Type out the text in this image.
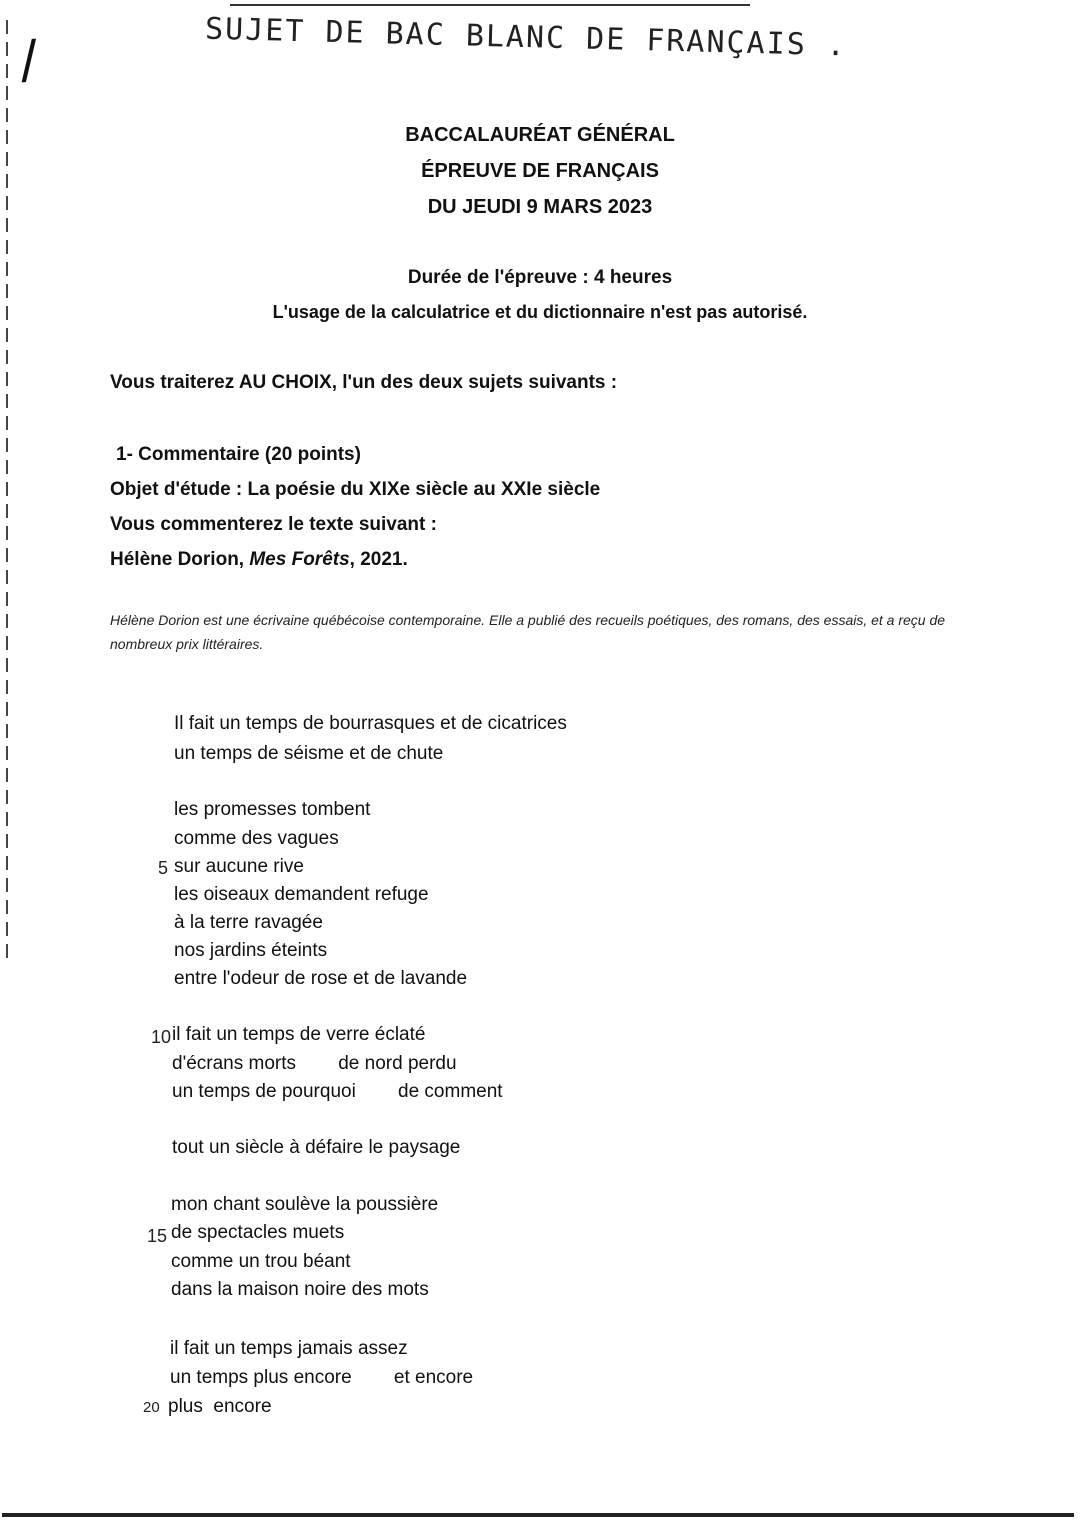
/	SUJET DE BAC BLANC DE FRANÇAIS .
BACCALAURÉAT GÉNÉRAL
ÉPREUVE DE FRANÇAIS
DU JEUDI 9 MARS 2023
Durée de l'épreuve : 4 heures
L'usage de la calculatrice et du dictionnaire n'est pas autorisé.
Vous traiterez AU CHOIX, l'un des deux sujets suivants :
1- Commentaire (20 points)
Objet d'étude : La poésie du XIXe siècle au XXIe siècle
Vous commenterez le texte suivant :
Hélène Dorion, Mes Forêts, 2021.
Hélène Dorion est une écrivaine québécoise contemporaine. Elle a publié des recueils poétiques, des romans, des essais, et a reçu de nombreux prix littéraires.
Il fait un temps de bourrasques et de cicatrices
un temps de séisme et de chute
les promesses tombent
comme des vagues
sur aucune rive
les oiseaux demandent refuge
à la terre ravagée
nos jardins éteints
entre l'odeur de rose et de lavande
il fait un temps de verre éclaté
d'écrans morts        de nord perdu
un temps de pourquoi        de comment
tout un siècle à défaire le paysage
mon chant soulève la poussière
de spectacles muets
comme un trou béant
dans la maison noire des mots
il fait un temps jamais assez
un temps plus encore        et encore
plus  encore
5
10
15
20
